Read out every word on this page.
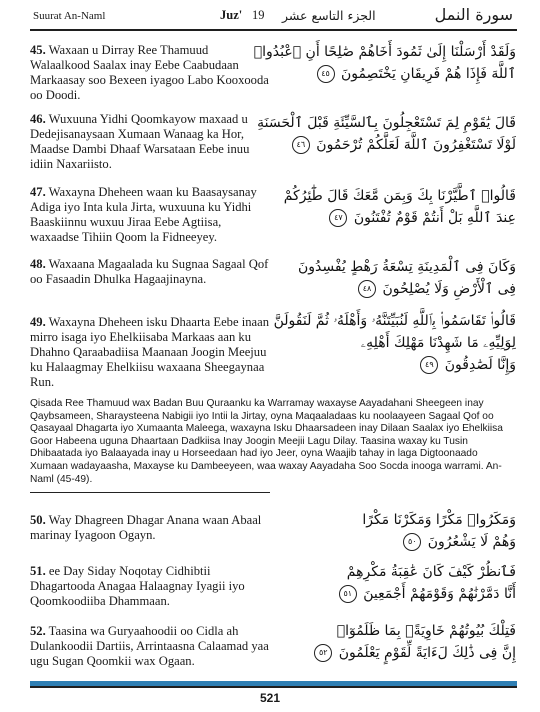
Suurat An-Naml	Juz' 19 الجزء التاسع عشر	سورة النمل

45. Waxaan u Dirray Ree Thamuud Walaalkood Saalax inay Eebe Caabudaan Markaasay soo Bexeen iyagoo Labo Kooxooda oo Doodi.

وَلَقَدْ أَرْسَلْنَا إِلَىٰ ثَمُودَ أَخَاهُمْ صَٰلِحًا أَنِ ٱعْبُدُوا۟
ٱللَّهَ فَإِذَا هُمْ فَرِيقَانِ يَخْتَصِمُونَ ٤٥

46. Wuxuuna Yidhi Qoomkayow maxaad u Dedejisanaysaan Xumaan Wanaag ka Hor, Maadse Dambi Dhaaf Warsataan Eebe inuu idiin Naxariisto.

قَالَ يَٰقَوْمِ لِمَ تَسْتَعْجِلُونَ بِٱلسَّيِّئَةِ قَبْلَ ٱلْحَسَنَةِ
لَوْلَا تَسْتَغْفِرُونَ ٱللَّهَ لَعَلَّكُمْ تُرْحَمُونَ ٤٦

47. Waxayna Dheheen waan ku Baasaysanay Adiga iyo Inta kula Jirta, wuxuuna ku Yidhi Baaskiinnu wuxuu Jiraa Eebe Agtiisa, waxaadse Tihiin Qoom la Fidneeyey.

قَالُوا۟ ٱطَّيَّرْنَا بِكَ وَبِمَن مَّعَكَ قَالَ طَٰٓئِرُكُمْ
عِندَ ٱللَّهِ بَلْ أَنتُمْ قَوْمٌ تُفْتَنُونَ ٤٧

48. Waxaana Magaalada ku Sugnaa Sagaal Qof oo Fasaadin Dhulka Hagaajinayna.

وَكَانَ فِى ٱلْمَدِينَةِ تِسْعَةُ رَهْطٍ يُفْسِدُونَ
فِى ٱلْأَرْضِ وَلَا يُصْلِحُونَ ٤٨

49. Waxayna Dheheen isku Dhaarta Eebe inaan mirro isaga iyo Ehelkiisaba Markaas aan ku Dhahno Qaraabadiisa Maanaan Joogin Meejuu ku Halaagmay Ehelkiisu waxaana Sheegaynaa Run.

قَالُوا۟ تَقَاسَمُوا۟ بِٱللَّهِ لَنُبَيِّتَنَّهُۥ وَأَهْلَهُۥ ثُمَّ لَنَقُولَنَّ
لِوَلِيِّهِۦ مَا شَهِدْنَا مَهْلِكَ أَهْلِهِۦ
وَإِنَّا لَصَٰدِقُونَ ٤٩

Qisada Ree Thamuud wax Badan Buu Quraanku ka Warramay waxayse Aayadahani Sheegeen inay Qaybsameen, Sharaysteena Nabigii iyo Intii la Jirtay, oyna Maqaaladaas ku noolaayeen Sagaal Qof oo Qasayaal Dhagarta iyo Xumaanta Maleega, waxayna Isku Dhaarsadeen inay Dilaan Saalax iyo Ehelkiisa Goor Habeena uguna Dhaartaan Dadkiisa Inay Joogin Meejii Lagu Dilay. Taasina waxay ku Tusin Dhibaatada iyo Balaayada inay u Horseedaan had iyo Jeer, oyna Waajib tahay in laga Digtoonaado Xumaan wadayaasha, Maxayse ku Dambeeyeen, waa waxay Aayadaha Soo Socda inooga warrami. An-Naml (45-49).

50. Way Dhagreen Dhagar Anana waan Abaal marinay Iyagoon Ogayn.

وَمَكَرُوا۟ مَكْرًا وَمَكَرْنَا مَكْرًا
وَهُمْ لَا يَشْعُرُونَ ٥٠

51. ee Day Siday Noqotay Cidhibtii Dhagartooda Anagaa Halaagnay Iyagii iyo Qoomkoodiiba Dhammaan.

فَٱنظُرْ كَيْفَ كَانَ عَٰقِبَةُ مَكْرِهِمْ
أَنَّا دَمَّرْنَٰهُمْ وَقَوْمَهُمْ أَجْمَعِينَ ٥١

52. Taasina wa Guryaahoodii oo Cidla ah Dulankoodii Dartiis, Arrintaasna Calaamad yaa ugu Sugan Qoomkii wax Ogaan.

فَتِلْكَ بُيُوتُهُمْ خَاوِيَةًۢ بِمَا ظَلَمُوٓا۟
إِنَّ فِى ذَٰلِكَ لَءَايَةً لِّقَوْمٍ يَعْلَمُونَ ٥٢
521
